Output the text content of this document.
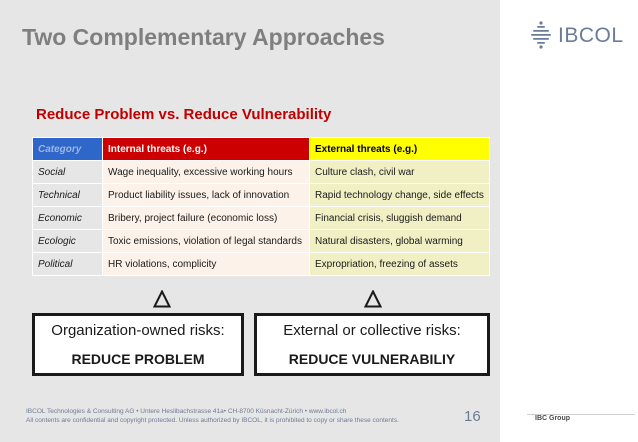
Two Complementary Approaches	IBCOL
Reduce Problem vs. Reduce Vulnerability
Category	Internal threats (e.g.)	External threats (e.g.)
Social	Wage inequality, excessive working hours	Culture clash, civil war
Technical	Product liability issues, lack of innovation	Rapid technology change, side effects
Economic	Bribery, project failure (economic loss)	Financial crisis, sluggish demand
Ecologic	Toxic emissions, violation of legal standards	Natural disasters, global warming
Political	HR violations, complicity	Expropriation, freezing of assets
Organization-owned risks:
REDUCE PROBLEM
External or collective risks:
REDUCE VULNERABILIY
IBCOL Technologies & Consulting AG • Untere Heslibachstrasse 41a• CH-8700 Küsnacht-Zürich • www.ibcol.ch
All contents are confidential and copyright protected. Unless authorized by IBCOL, it is prohibited to copy or share these contents.	16	IBC Group
